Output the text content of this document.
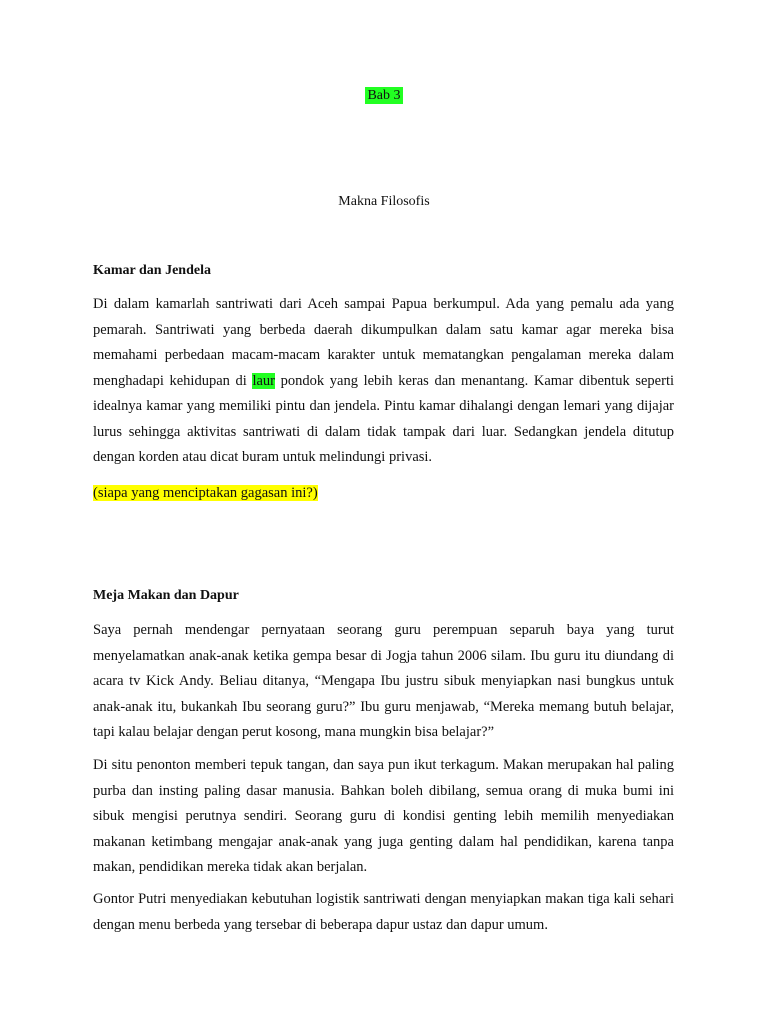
Bab 3
Makna Filosofis
Kamar dan Jendela

Di dalam kamarlah santriwati dari Aceh sampai Papua berkumpul. Ada yang pemalu ada yang pemarah. Santriwati yang berbeda daerah dikumpulkan dalam satu kamar agar mereka bisa memahami perbedaan macam-macam karakter untuk mematangkan pengalaman mereka dalam menghadapi kehidupan di laur pondok yang lebih keras dan menantang. Kamar dibentuk seperti idealnya kamar yang memiliki pintu dan jendela. Pintu kamar dihalangi dengan lemari yang dijajar lurus sehingga aktivitas santriwati di dalam tidak tampak dari luar. Sedangkan jendela ditutup dengan korden atau dicat buram untuk melindungi privasi.

(siapa yang menciptakan gagasan ini?)
Meja Makan dan Dapur

Saya pernah mendengar pernyataan seorang guru perempuan separuh baya yang turut menyelamatkan anak-anak ketika gempa besar di Jogja tahun 2006 silam. Ibu guru itu diundang di acara tv Kick Andy. Beliau ditanya, “Mengapa Ibu justru sibuk menyiapkan nasi bungkus untuk anak-anak itu, bukankah Ibu seorang guru?” Ibu guru menjawab, “Mereka memang butuh belajar, tapi kalau belajar dengan perut kosong, mana mungkin bisa belajar?”

Di situ penonton memberi tepuk tangan, dan saya pun ikut terkagum. Makan merupakan hal paling purba dan insting paling dasar manusia. Bahkan boleh dibilang, semua orang di muka bumi ini sibuk mengisi perutnya sendiri. Seorang guru di kondisi genting lebih memilih menyediakan makanan ketimbang mengajar anak-anak yang juga genting dalam hal pendidikan, karena tanpa makan, pendidikan mereka tidak akan berjalan.

Gontor Putri menyediakan kebutuhan logistik santriwati dengan menyiapkan makan tiga kali sehari dengan menu berbeda yang tersebar di beberapa dapur ustaz dan dapur umum.
